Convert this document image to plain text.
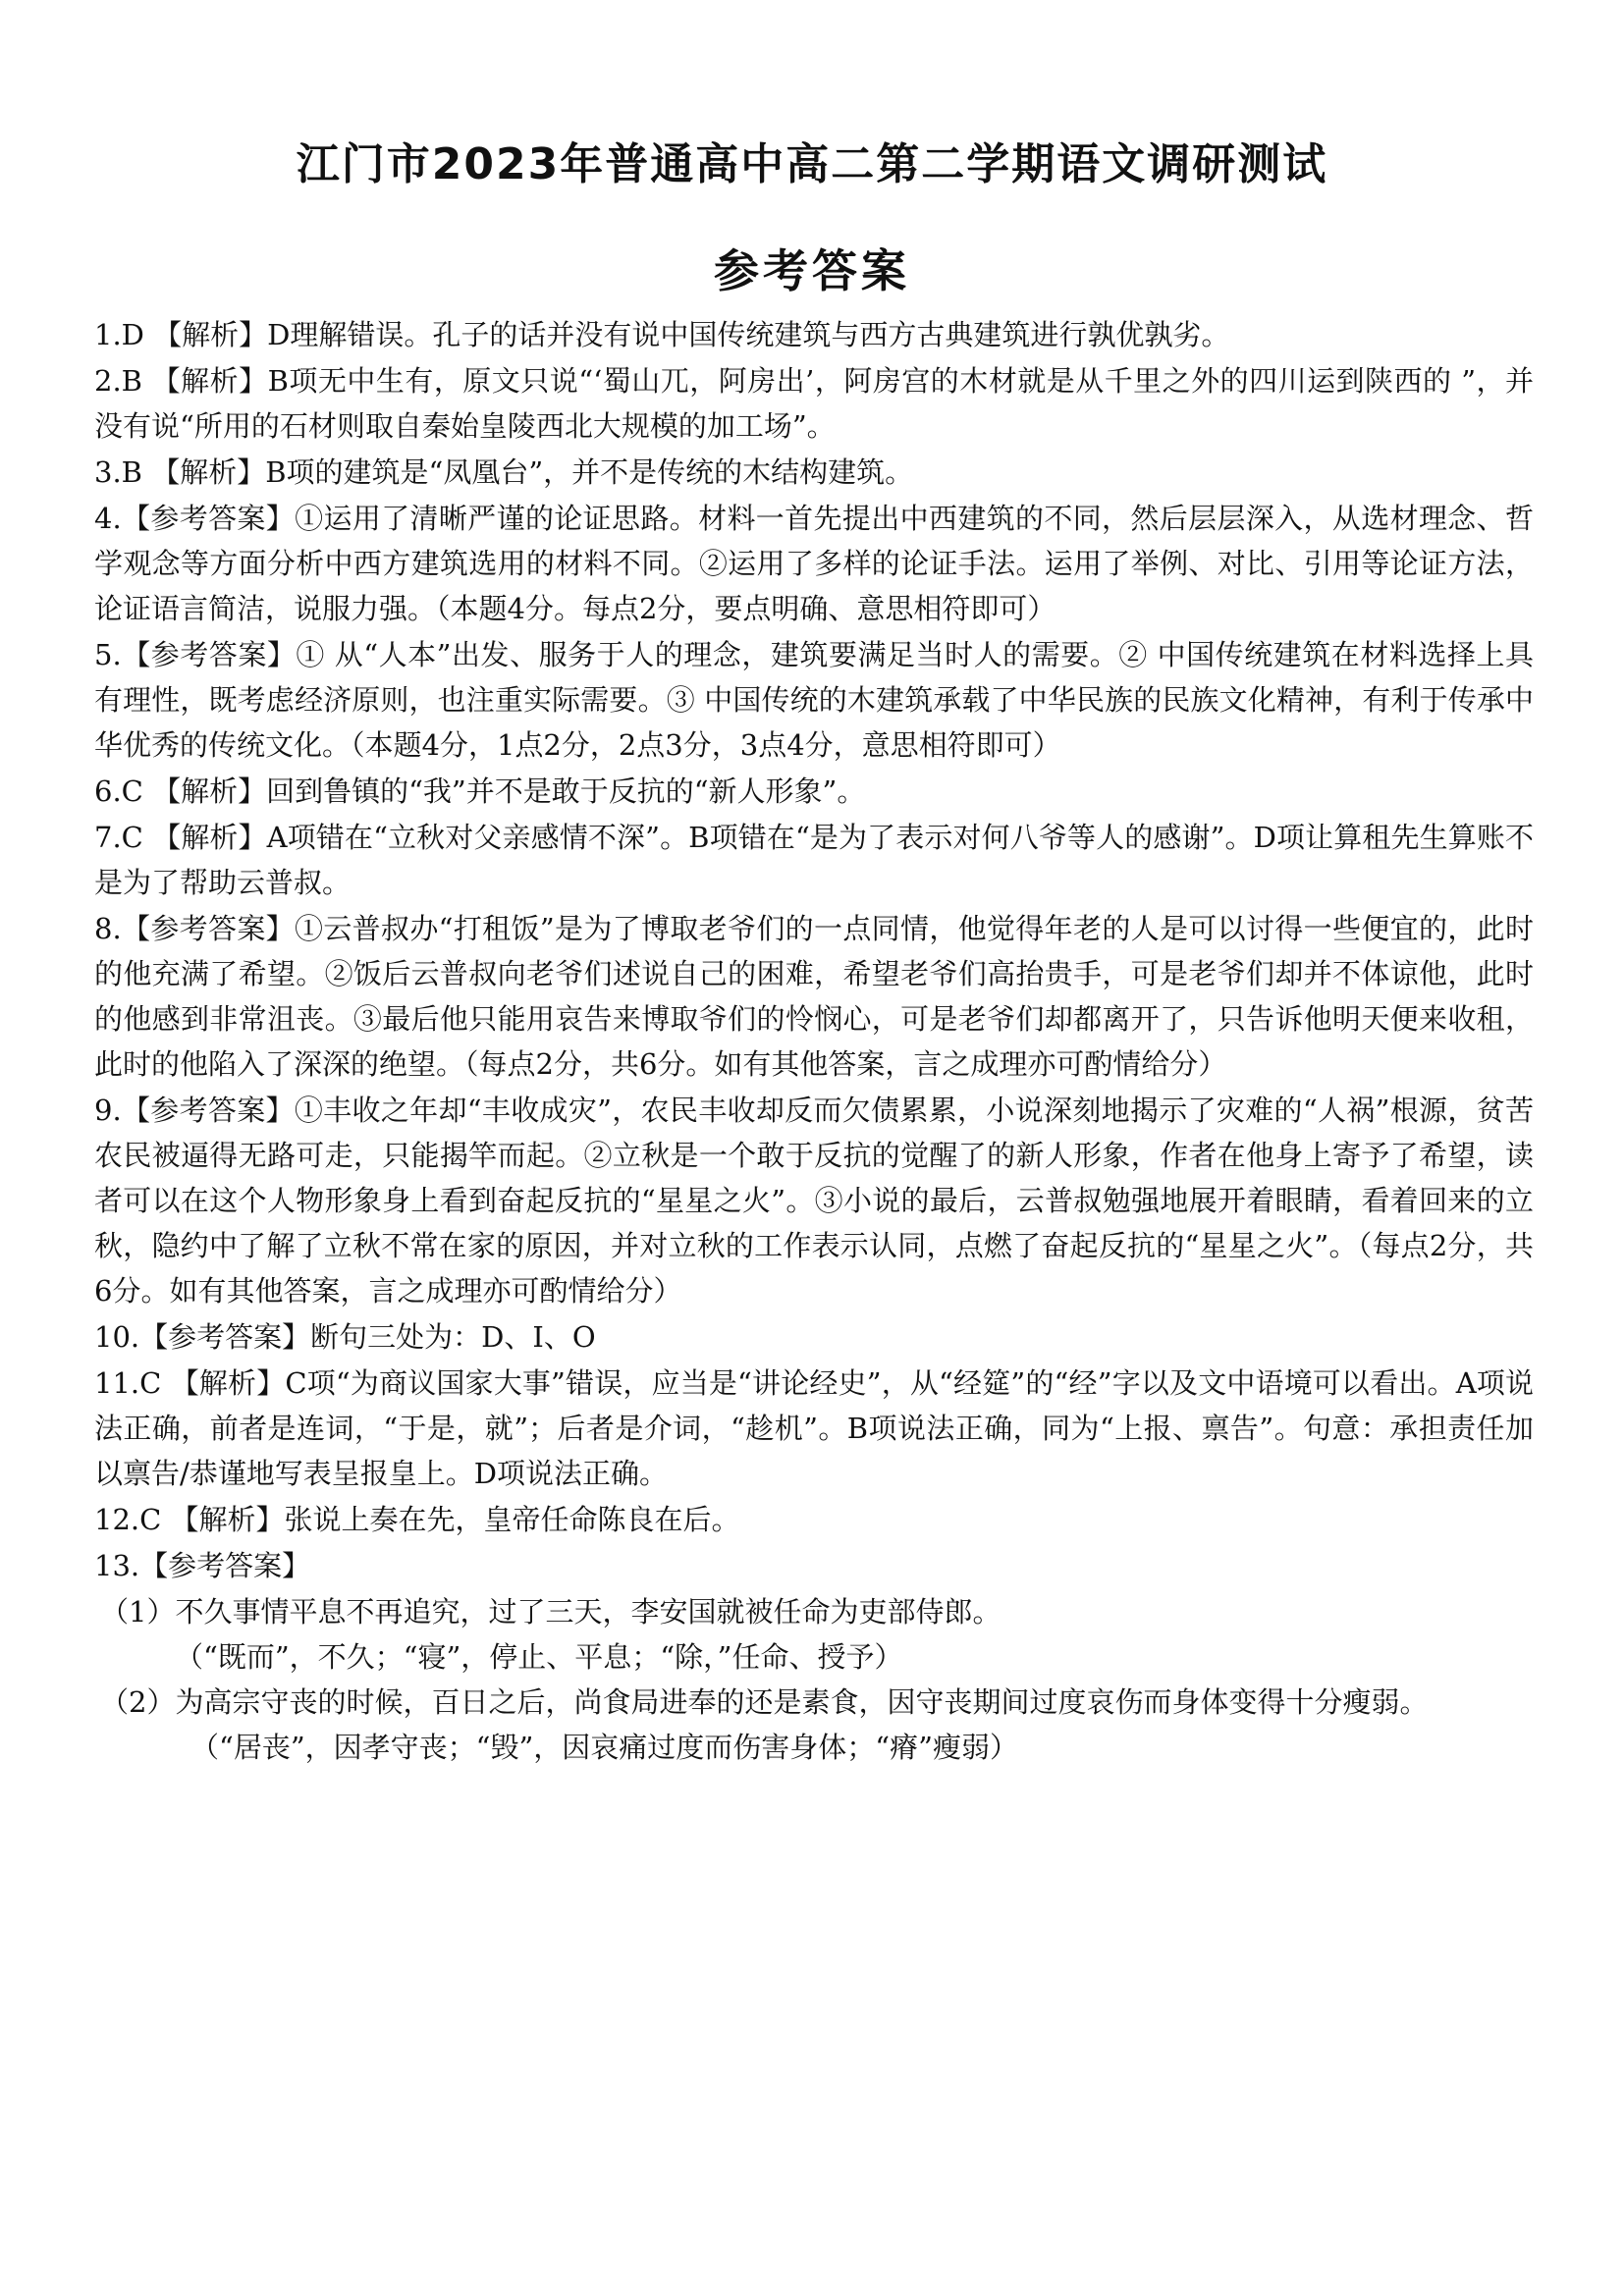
江门市2023年普通高中高二第二学期语文调研测试
参考答案

1.D 【解析】D理解错误。孔子的话并没有说中国传统建筑与西方古典建筑进行孰优孰劣。

2.B 【解析】B项无中生有，原文只说“‘蜀山兀，阿房出’，阿房宫的木材就是从千里之外的四川运到陕西的 ”，并没有说“所用的石材则取自秦始皇陵西北大规模的加工场”。

3.B 【解析】B项的建筑是“凤凰台”，并不是传统的木结构建筑。

4.【参考答案】①运用了清晰严谨的论证思路。材料一首先提出中西建筑的不同，然后层层深入，从选材理念、哲学观念等方面分析中西方建筑选用的材料不同。②运用了多样的论证手法。运用了举例、对比、引用等论证方法，论证语言简洁，说服力强。（本题4分。每点2分，要点明确、意思相符即可）

5.【参考答案】① 从“人本”出发、服务于人的理念，建筑要满足当时人的需要。② 中国传统建筑在材料选择上具有理性，既考虑经济原则，也注重实际需要。③ 中国传统的木建筑承载了中华民族的民族文化精神，有利于传承中华优秀的传统文化。（本题4分，1点2分，2点3分，3点4分，意思相符即可）

6.C 【解析】回到鲁镇的“我”并不是敢于反抗的“新人形象”。

7.C 【解析】A项错在“立秋对父亲感情不深”。B项错在“是为了表示对何八爷等人的感谢”。D项让算租先生算账不是为了帮助云普叔。

8.【参考答案】①云普叔办“打租饭”是为了博取老爷们的一点同情，他觉得年老的人是可以讨得一些便宜的，此时的他充满了希望。②饭后云普叔向老爷们述说自己的困难，希望老爷们高抬贵手，可是老爷们却并不体谅他，此时的他感到非常沮丧。③最后他只能用哀告来博取爷们的怜悯心，可是老爷们却都离开了，只告诉他明天便来收租，此时的他陷入了深深的绝望。（每点2分，共6分。如有其他答案，言之成理亦可酌情给分）

9.【参考答案】①丰收之年却“丰收成灾”，农民丰收却反而欠债累累，小说深刻地揭示了灾难的“人祸”根源，贫苦农民被逼得无路可走，只能揭竿而起。②立秋是一个敢于反抗的觉醒了的新人形象，作者在他身上寄予了希望，读者可以在这个人物形象身上看到奋起反抗的“星星之火”。③小说的最后，云普叔勉强地展开着眼睛，看着回来的立秋，隐约中了解了立秋不常在家的原因，并对立秋的工作表示认同，点燃了奋起反抗的“星星之火”。（每点2分，共6分。如有其他答案，言之成理亦可酌情给分）

10.【参考答案】断句三处为：D、I、O

11.C 【解析】C项“为商议国家大事”错误，应当是“讲论经史”，从“经筵”的“经”字以及文中语境可以看出。A项说法正确，前者是连词，“于是，就”；后者是介词，“趁机”。B项说法正确，同为“上报、禀告”。句意：承担责任加以禀告/恭谨地写表呈报皇上。D项说法正确。

12.C 【解析】张说上奏在先，皇帝任命陈良在后。

13.【参考答案】

（1）不久事情平息不再追究，过了三天，李安国就被任命为吏部侍郎。
（“既而”，不久；“寝”，停止、平息；“除，”任命、授予）
（2）为高宗守丧的时候，百日之后，尚食局进奉的还是素食，因守丧期间过度哀伤而身体变得十分瘦弱。
（“居丧”，因孝守丧；“毁”，因哀痛过度而伤害身体；“瘠”瘦弱）
